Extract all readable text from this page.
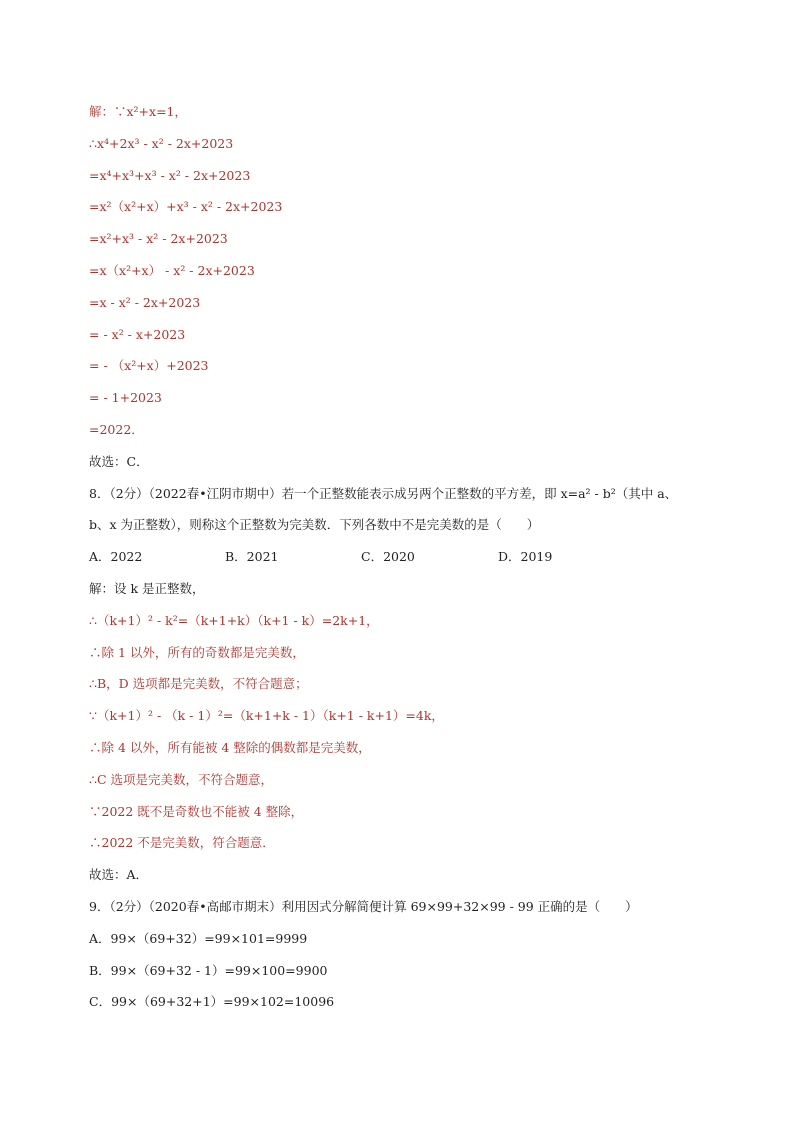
解：∵x²+x=1，
∴x⁴+2x³ - x² - 2x+2023
=x⁴+x³+x³ - x² - 2x+2023
=x²（x²+x）+x³ - x² - 2x+2023
=x²+x³ - x² - 2x+2023
=x（x²+x） - x² - 2x+2023
=x - x² - 2x+2023
= - x² - x+2023
= - （x²+x）+2023
= - 1+2023
=2022．
故选：C．
8．（2分）（2022春•江阴市期中）若一个正整数能表示成另两个正整数的平方差，即 x=a² - b²（其中 a、
b、x 为正整数），则称这个正整数为完美数．下列各数中不是完美数的是（　　）
A．2022	B．2021	C．2020	D．2019
解：设 k 是正整数，
∴（k+1）² - k²=（k+1+k）（k+1 - k）=2k+1，
∴除 1 以外，所有的奇数都是完美数，
∴B，D 选项都是完美数，不符合题意；
∵（k+1）² - （k - 1）²=（k+1+k - 1）（k+1 - k+1）=4k，
∴除 4 以外，所有能被 4 整除的偶数都是完美数，
∴C 选项是完美数，不符合题意，
∵2022 既不是奇数也不能被 4 整除，
∴2022 不是完美数，符合题意．
故选：A．
9．（2分）（2020春•高邮市期末）利用因式分解简便计算 69×99+32×99 - 99 正确的是（　　）
A．99×（69+32）=99×101=9999
B．99×（69+32 - 1）=99×100=9900
C．99×（69+32+1）=99×102=10096
